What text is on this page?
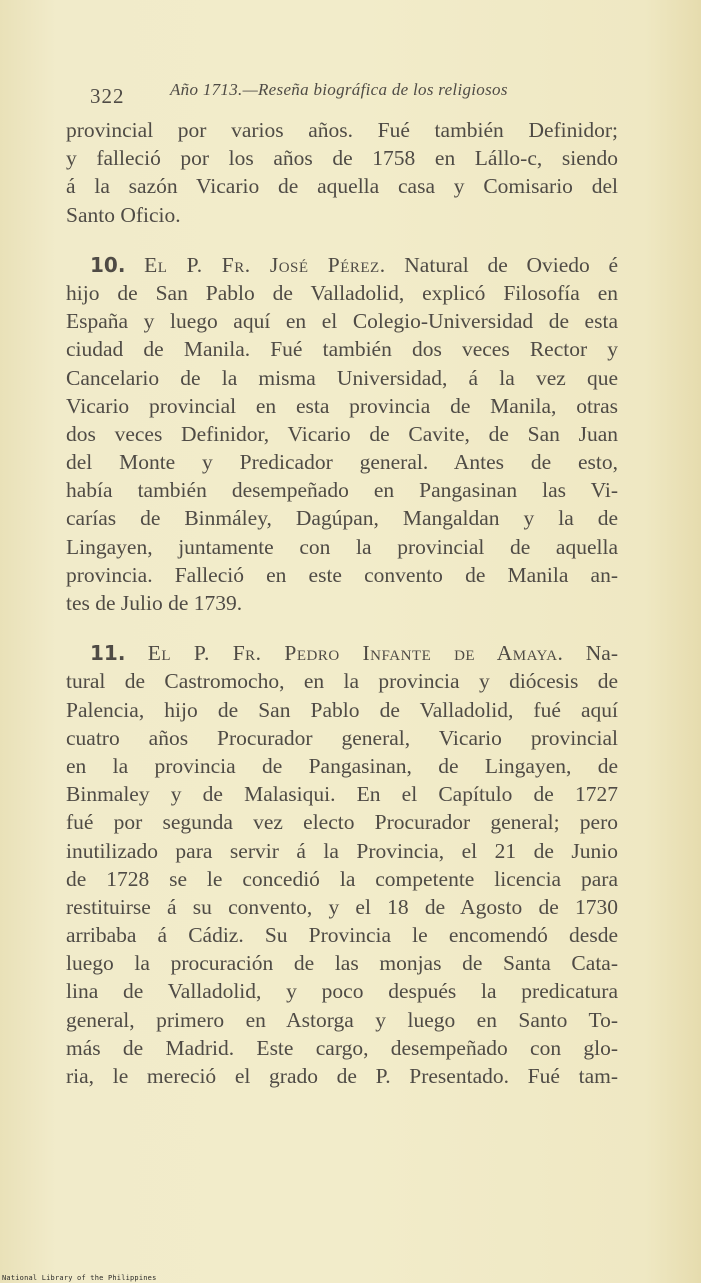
322	Año 1713.—Reseña biográfica de los religiosos
provincial por varios años. Fué también Definidor;
y falleció por los años de 1758 en Lállo-c, siendo
á la sazón Vicario de aquella casa y Comisario del
Santo Oficio.
10. El P. Fr. José Pérez. Natural de Oviedo é
hijo de San Pablo de Valladolid, explicó Filosofía en
España y luego aquí en el Colegio-Universidad de esta
ciudad de Manila. Fué también dos veces Rector y
Cancelario de la misma Universidad, á la vez que
Vicario provincial en esta provincia de Manila, otras
dos veces Definidor, Vicario de Cavite, de San Juan
del Monte y Predicador general. Antes de esto,
había también desempeñado en Pangasinan las Vi-
carías de Binmáley, Dagúpan, Mangaldan y la de
Lingayen, juntamente con la provincial de aquella
provincia. Falleció en este convento de Manila an-
tes de Julio de 1739.
11. El P. Fr. Pedro Infante de Amaya. Na-
tural de Castromocho, en la provincia y diócesis de
Palencia, hijo de San Pablo de Valladolid, fué aquí
cuatro años Procurador general, Vicario provincial
en la provincia de Pangasinan, de Lingayen, de
Binmaley y de Malasiqui. En el Capítulo de 1727
fué por segunda vez electo Procurador general; pero
inutilizado para servir á la Provincia, el 21 de Junio
de 1728 se le concedió la competente licencia para
restituirse á su convento, y el 18 de Agosto de 1730
arribaba á Cádiz. Su Provincia le encomendó desde
luego la procuración de las monjas de Santa Cata-
lina de Valladolid, y poco después la predicatura
general, primero en Astorga y luego en Santo To-
más de Madrid. Este cargo, desempeñado con glo-
ria, le mereció el grado de P. Presentado. Fué tam-
National Library of the Philippines
